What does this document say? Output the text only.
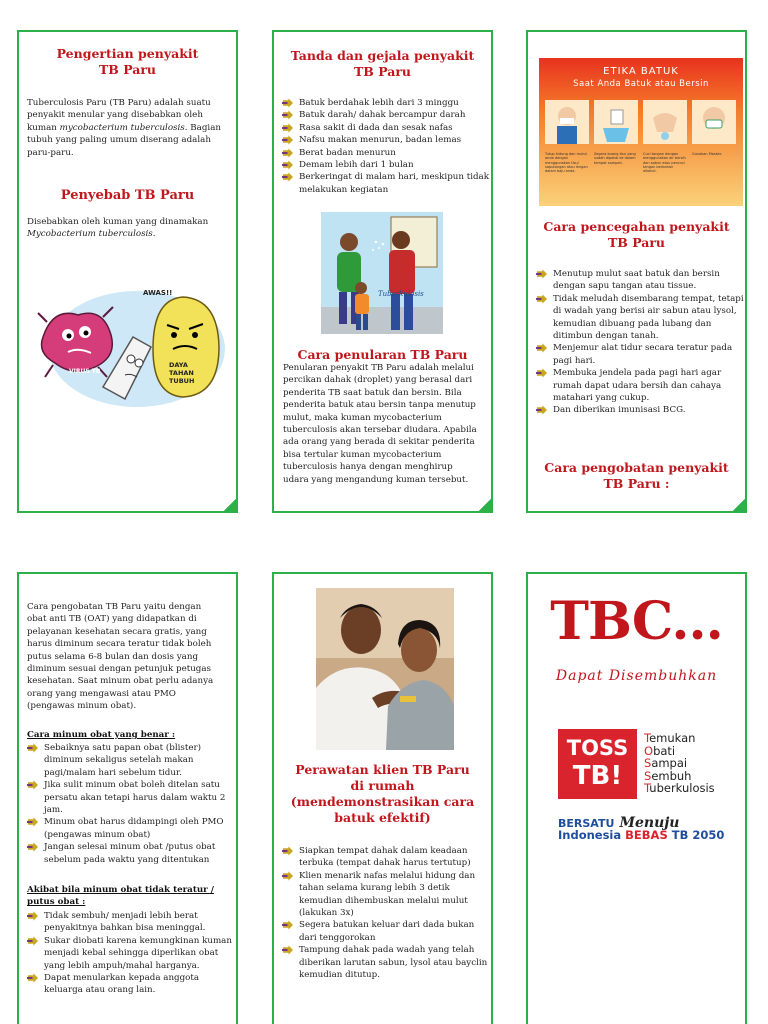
Pengertian penyakit
TB Paru
Tuberculosis Paru (TB Paru) adalah suatu
penyakit menular yang disebabkan oleh
kuman mycobacterium tuberculosis. Bagian
tubuh yang paling umum diserang adalah
paru-paru.
Penyebab TB Paru
Disebabkan oleh kuman yang dinamakan
Mycobacterium tuberculosis.
VIRUS TB
DAYA
TAHAN
TUBUH
AWAS!!
Tanda dan gejala penyakit
TB Paru
Batuk berdahak lebih dari 3 minggu
Batuk darah/ dahak bercampur darah
Rasa sakit di dada dan sesak nafas
Nafsu makan menurun, badan lemas
Berat badan menurun
Demam lebih dari 1 bulan
Berkeringat di malam hari, meskipun tidak melakukan kegiatan
Tuberkulosis
Cara penularan TB Paru
Penularan penyakit TB Paru adalah melalui
percikan dahak (droplet) yang berasal dari
penderita TB saat batuk dan bersin. Bila
penderita batuk atau bersin tanpa menutup
mulut, maka kuman mycobacterium
tuberculosis akan tersebar diudara. Apabila
ada orang yang berada di sekitar penderita
bisa tertular kuman mycobacterium
tuberculosis hanya dengan menghirup
udara yang mengandung kuman tersebut.
ETIKA BATUK
Saat Anda Batuk atau Bersin
Tutup hidung dan mulut anda dengan menggunakan tisu/ saputangan atau lengan dalam baju anda.
Segera buang tisu yang sudah dipakai ke dalam tempat sampah.
Cuci tangan dengan menggunakan air bersih dan sabun atau pencuci tangan berbahan alkohol.
Gunakan Masker.
Cara pencegahan penyakit
TB Paru
Menutup mulut saat batuk dan bersin dengan sapu tangan atau tissue.
Tidak meludah disembarang tempat, tetapi di wadah yang berisi air sabun atau lysol, kemudian dibuang pada lubang dan ditimbun dengan tanah.
Menjemur alat tidur secara teratur pada pagi hari.
Membuka jendela pada pagi hari agar rumah dapat udara bersih dan cahaya matahari yang cukup.
Dan diberikan imunisasi BCG.
Cara pengobatan penyakit
TB Paru :
Cara pengobatan TB Paru yaitu dengan
obat anti TB (OAT) yang didapatkan di
pelayanan kesehatan secara gratis, yang
harus diminum secara teratur tidak boleh
putus selama 6-8 bulan dan dosis yang
diminum sesuai dengan petunjuk petugas
kesehatan. Saat minum obat perlu adanya
orang yang mengawasi atau PMO
(pengawas minum obat).
Cara minum obat yang benar :
Sebaiknya satu papan obat (blister) diminum sekaligus setelah makan pagi/malam hari sebelum tidur.
Jika sulit minum obat boleh ditelan satu persatu akan tetapi harus dalam waktu 2 jam.
Minum obat harus didampingi oleh PMO (pengawas minum obat)
Jangan selesai minum obat /putus obat sebelum pada waktu yang ditentukan
Akibat bila minum obat tidak teratur /
putus obat :
Tidak sembuh/ menjadi lebih berat penyakitnya bahkan bisa meninggal.
Sukar diobati karena kemungkinan kuman menjadi kebal sehingga diperlikan obat yang lebih ampuh/mahal harganya.
Dapat menularkan kepada anggota keluarga atau orang lain.
Perawatan klien TB Paru
di rumah
(mendemonstrasikan cara
batuk efektif)
Siapkan tempat dahak dalam keadaan terbuka (tempat dahak harus tertutup)
Klien menarik nafas melalui hidung dan tahan selama kurang lebih 3 detik kemudian dihembuskan melalui mulut (lakukan 3x)
Segera batukan keluar dari dada bukan dari tenggorokan
Tampung dahak pada wadah yang telah diberikan larutan sabun, lysol atau bayclin kemudian ditutup.
TBC...
Dapat Disembuhkan
TOSS
TB!
Temukan
Obati
Sampai
Sembuh
Tuberkulosis
BERSATU Menuju
Indonesia BEBAS TB 2050
